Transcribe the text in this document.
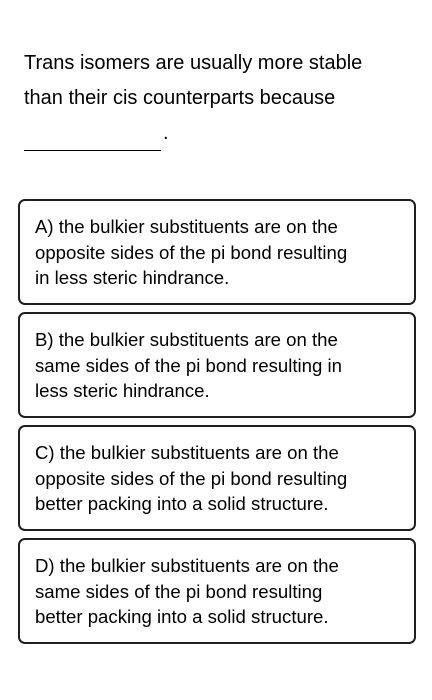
Trans isomers are usually more stable
than their cis counterparts because
.
A) the bulkier substituents are on the
opposite sides of the pi bond resulting
in less steric hindrance.
B) the bulkier substituents are on the
same sides of the pi bond resulting in
less steric hindrance.
C) the bulkier substituents are on the
opposite sides of the pi bond resulting
better packing into a solid structure.
D) the bulkier substituents are on the
same sides of the pi bond resulting
better packing into a solid structure.
